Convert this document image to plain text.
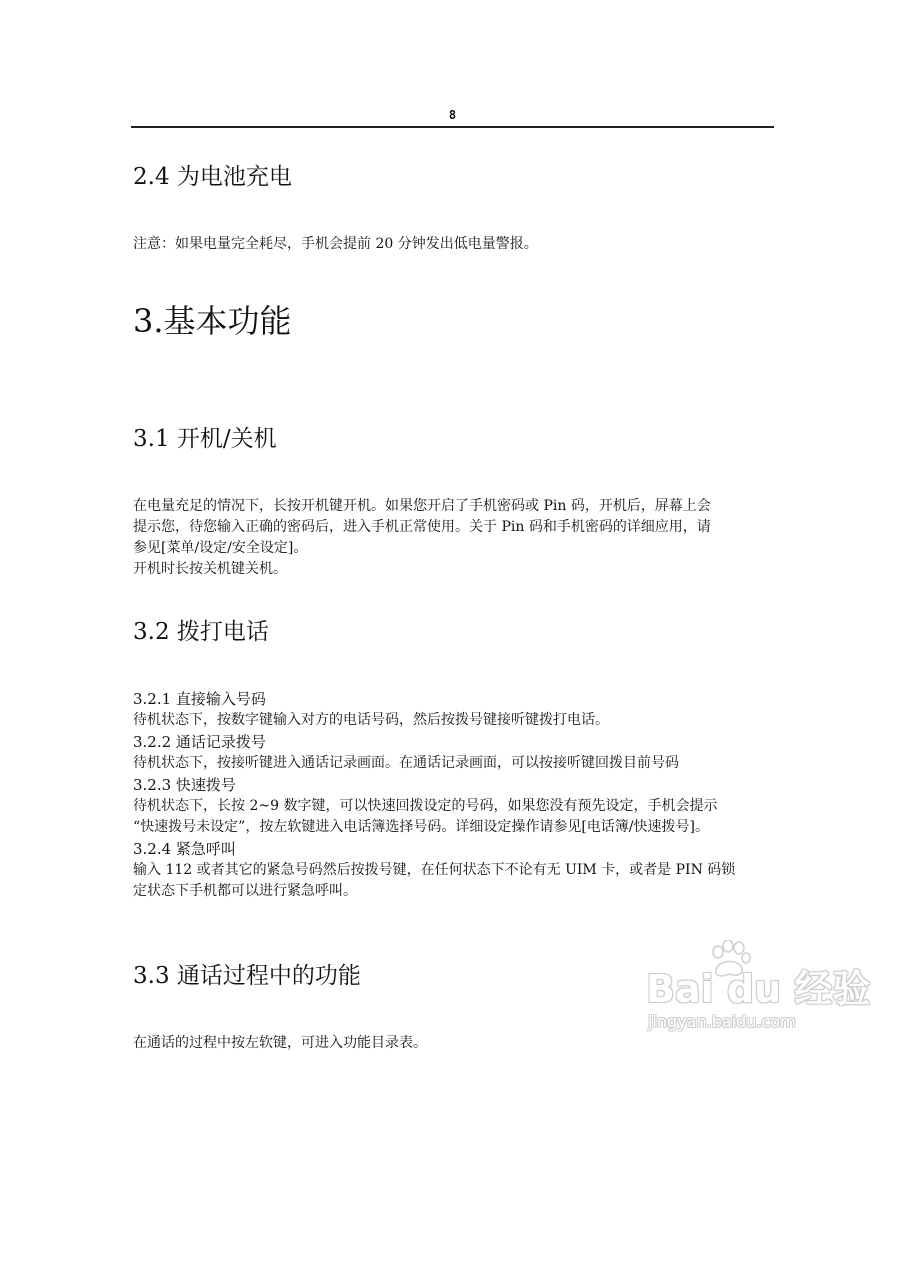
8
2.4 为电池充电
注意：如果电量完全耗尽，手机会提前 20 分钟发出低电量警报。
3.基本功能
3.1 开机/关机
在电量充足的情况下，长按开机键开机。如果您开启了手机密码或 Pin 码，开机后，屏幕上会
提示您，待您输入正确的密码后，进入手机正常使用。关于 Pin 码和手机密码的详细应用，请
参见[菜单/设定/安全设定]。
开机时长按关机键关机。
3.2 拨打电话
3.2.1 直接输入号码
待机状态下，按数字键输入对方的电话号码，然后按拨号键接听键拨打电话。
3.2.2 通话记录拨号
待机状态下，按接听键进入通话记录画面。在通话记录画面，可以按接听键回拨目前号码
3.2.3 快速拨号
待机状态下，长按 2~9 数字键，可以快速回拨设定的号码，如果您没有预先设定，手机会提示
“快速拨号未设定”，按左软键进入电话簿选择号码。详细设定操作请参见[电话簿/快速拨号]。
3.2.4 紧急呼叫
输入 112 或者其它的紧急号码然后按拨号键，在任何状态下不论有无 UIM 卡，或者是 PIN 码锁
定状态下手机都可以进行紧急呼叫。
3.3 通话过程中的功能
在通话的过程中按左软键，可进入功能目录表。
Bai du 经验
jingyan.baidu.com
